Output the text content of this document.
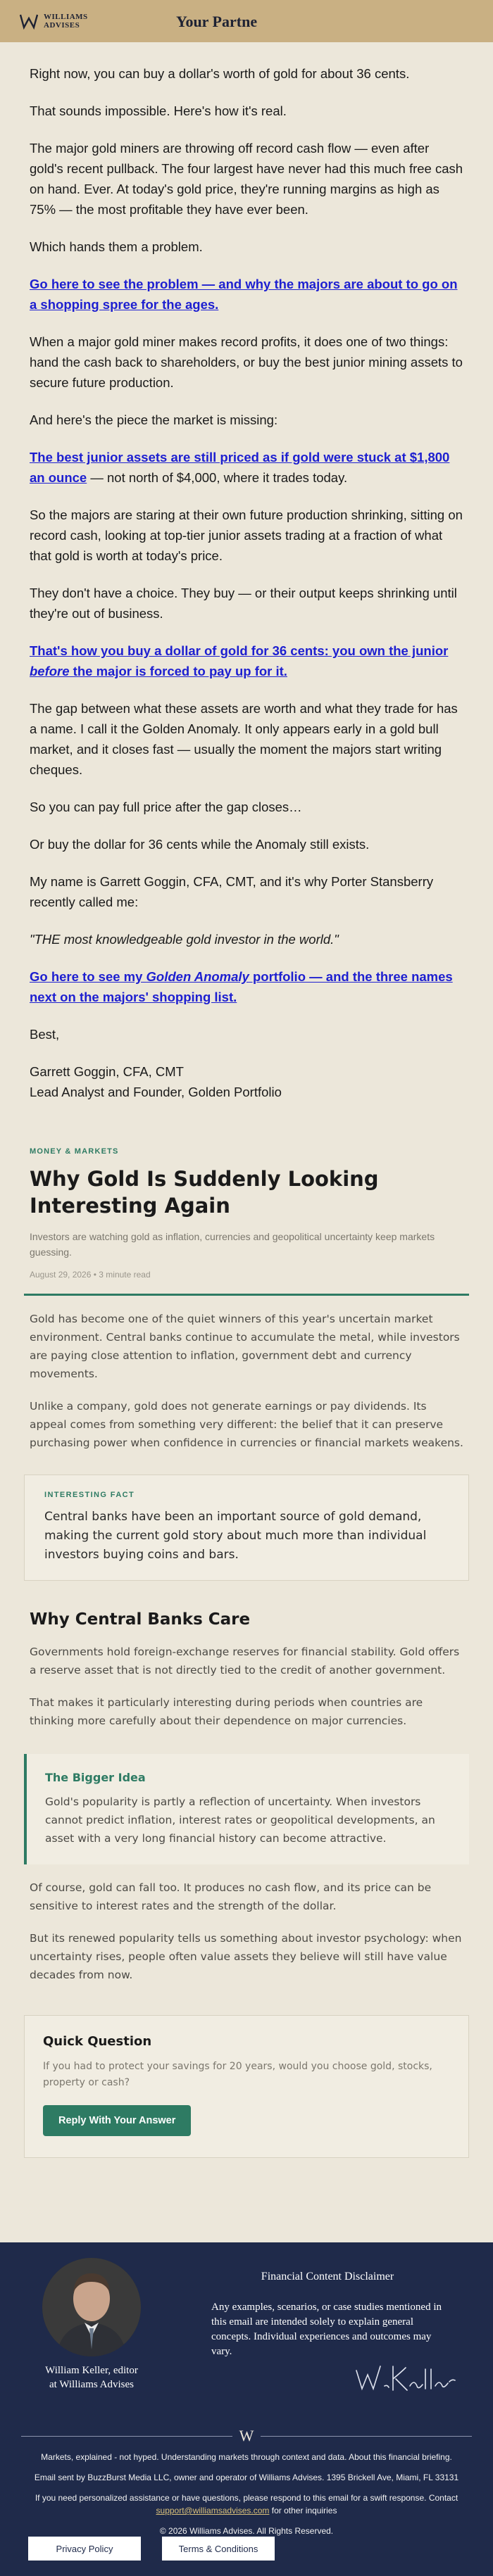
WILLIAMS
ADVISES	Your Partne

Right now, you can buy a dollar's worth of gold for about 36 cents.

That sounds impossible. Here's how it's real.

The major gold miners are throwing off record cash flow — even after gold's recent pullback. The four largest have never had this much free cash on hand. Ever. At today's gold price, they're running margins as high as 75% — the most profitable they have ever been.

Which hands them a problem.

Go here to see the problem — and why the majors are about to go on a shopping spree for the ages.

When a major gold miner makes record profits, it does one of two things: hand the cash back to shareholders, or buy the best junior mining assets to secure future production.

And here's the piece the market is missing:

The best junior assets are still priced as if gold were stuck at $1,800 an ounce — not north of $4,000, where it trades today.

So the majors are staring at their own future production shrinking, sitting on record cash, looking at top-tier junior assets trading at a fraction of what that gold is worth at today's price.

They don't have a choice. They buy — or their output keeps shrinking until they're out of business.

That's how you buy a dollar of gold for 36 cents: you own the junior before the major is forced to pay up for it.

The gap between what these assets are worth and what they trade for has a name. I call it the Golden Anomaly. It only appears early in a gold bull market, and it closes fast — usually the moment the majors start writing cheques.

So you can pay full price after the gap closes…

Or buy the dollar for 36 cents while the Anomaly still exists.

My name is Garrett Goggin, CFA, CMT, and it's why Porter Stansberry recently called me:

"THE most knowledgeable gold investor in the world."

Go here to see my Golden Anomaly portfolio — and the three names next on the majors' shopping list.

Best,

Garrett Goggin, CFA, CMT
Lead Analyst and Founder, Golden Portfolio

MONEY & MARKETS
Why Gold Is Suddenly Looking Interesting Again
Investors are watching gold as inflation, currencies and geopolitical uncertainty keep markets guessing.
August 29, 2026 • 3 minute read

Gold has become one of the quiet winners of this year's uncertain market environment. Central banks continue to accumulate the metal, while investors are paying close attention to inflation, government debt and currency movements.

Unlike a company, gold does not generate earnings or pay dividends. Its appeal comes from something very different: the belief that it can preserve purchasing power when confidence in currencies or financial markets weakens.

INTERESTING FACT
Central banks have been an important source of gold demand, making the current gold story about much more than individual investors buying coins and bars.
Why Central Banks Care

Governments hold foreign-exchange reserves for financial stability. Gold offers a reserve asset that is not directly tied to the credit of another government.

That makes it particularly interesting during periods when countries are thinking more carefully about their dependence on major currencies.

The Bigger Idea
Gold's popularity is partly a reflection of uncertainty. When investors cannot predict inflation, interest rates or geopolitical developments, an asset with a very long financial history can become attractive.

Of course, gold can fall too. It produces no cash flow, and its price can be sensitive to interest rates and the strength of the dollar.

But its renewed popularity tells us something about investor psychology: when uncertainty rises, people often value assets they believe will still have value decades from now.

Quick Question
If you had to protect your savings for 20 years, would you choose gold, stocks, property or cash?
Reply With Your Answer
William Keller, editor
at Williams Advises
Financial Content Disclaimer
Any examples, scenarios, or case studies mentioned in this email are intended solely to explain general concepts. Individual experiences and outcomes may vary.
W

Markets, explained - not hyped. Understanding markets through context and data. About this financial briefing.

Email sent by BuzzBurst Media LLC, owner and operator of Williams Advises. 1395 Brickell Ave, Miami, FL 33131

If you need personalized assistance or have questions, please respond to this email for a swift response. Contact
support@williamsadvises.com for other inquiries

© 2026 Williams Advises. All Rights Reserved.

Privacy Policy	Terms & Conditions
